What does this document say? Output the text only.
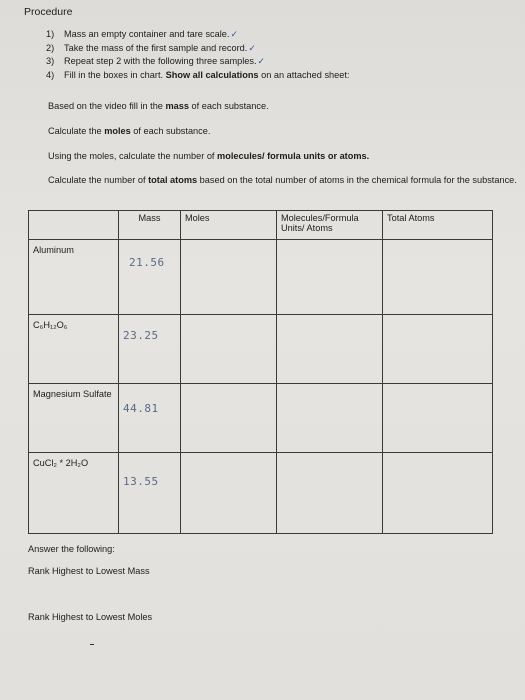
Procedure
1) Mass an empty container and tare scale.✓
2) Take the mass of the first sample and record.✓
3) Repeat step 2 with the following three samples.✓
4) Fill in the boxes in chart. Show all calculations on an attached sheet:
Based on the video fill in the mass of each substance.
Calculate the moles of each substance.
Using the moles, calculate the number of molecules/ formula units or atoms.
Calculate the number of total atoms based on the total number of atoms in the chemical formula for the substance.
	Mass	Moles	Molecules/Formula Units/ Atoms	Total Atoms

Aluminum	21.56			

C₆H₁₂O₆	23.25			

Magnesium Sulfate	44.81			

CuCl₂ * 2H₂O	13.55			

Answer the following:
Rank Highest to Lowest Mass
Rank Highest to Lowest Moles
